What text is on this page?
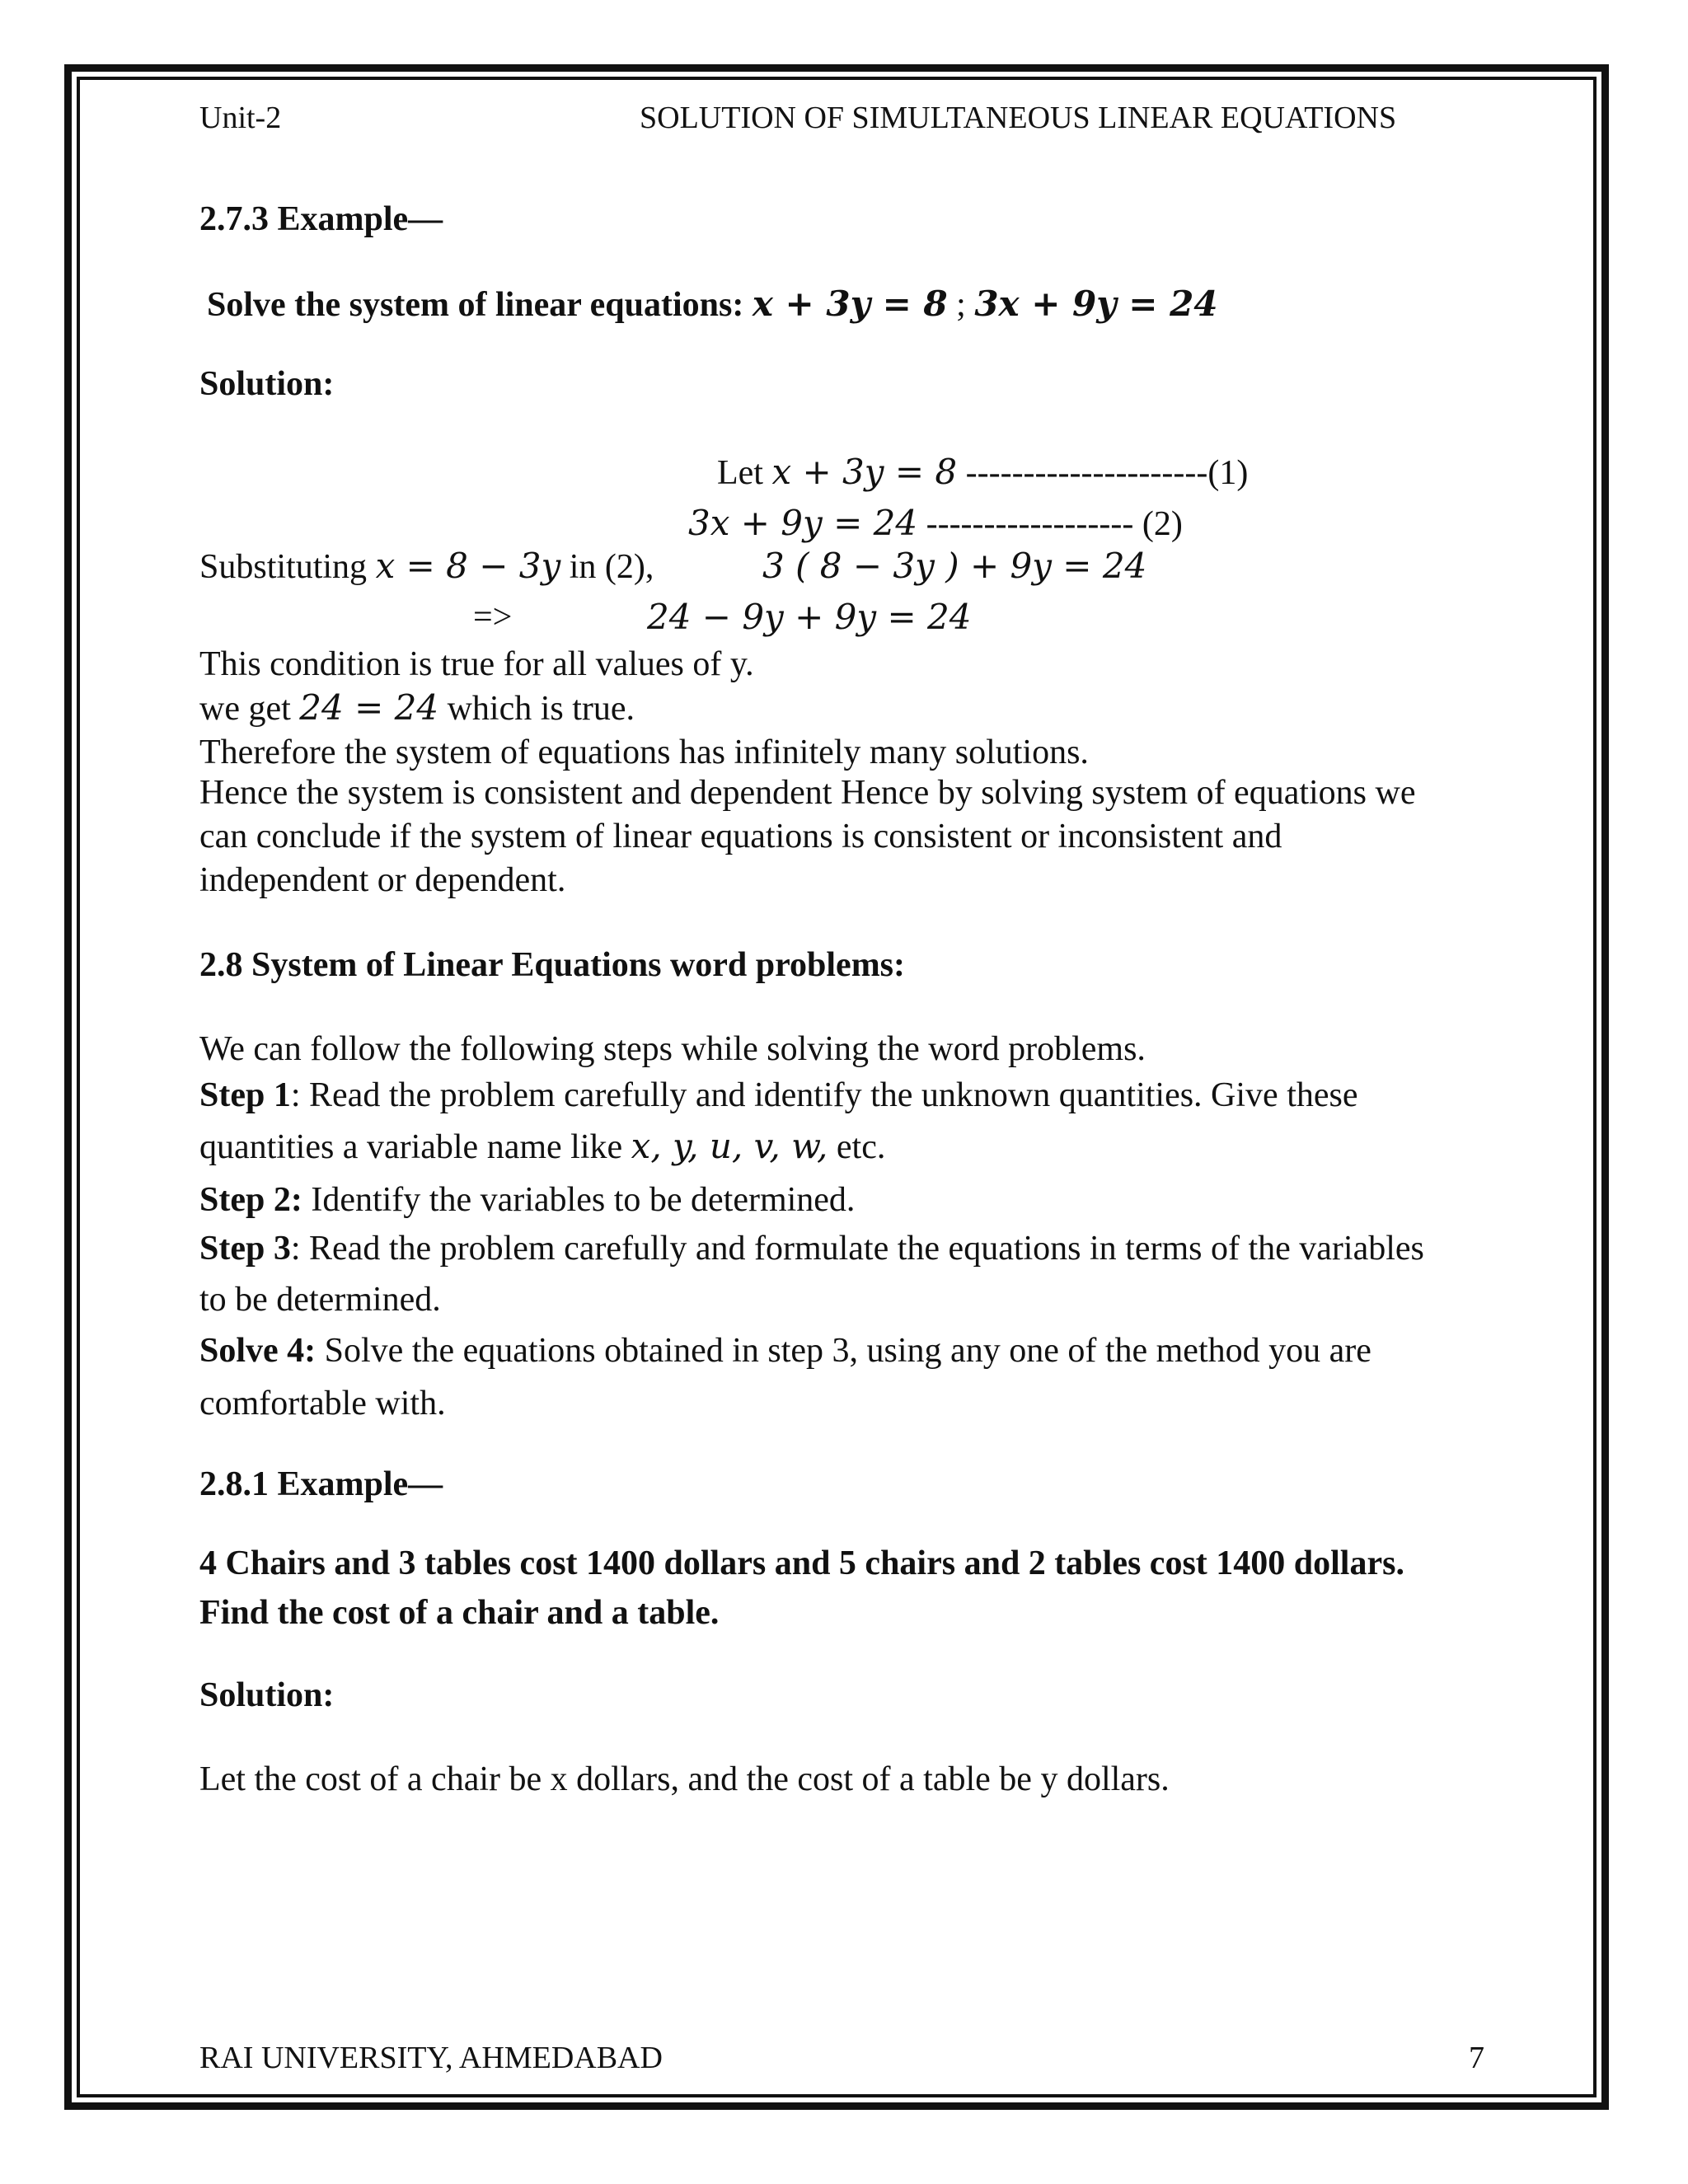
Unit-2	SOLUTION OF SIMULTANEOUS LINEAR EQUATIONS
2.7.3 Example—
Solve the system of linear equations: x + 3y = 8 ; 3x + 9y = 24
Solution:
Let x + 3y = 8 ---------------------(1)
3x + 9y = 24 ------------------ (2)
Substituting x = 8 − 3y in (2),	3 ( 8 − 3y ) + 9y = 24
=>	24 − 9y + 9y = 24
This condition is true for all values of y.
we get 24 = 24 which is true.
Therefore the system of equations has infinitely many solutions.
Hence the system is consistent and dependent Hence by solving system of equations we can conclude if the system of linear equations is consistent or inconsistent and independent or dependent.
2.8 System of Linear Equations word problems:
We can follow the following steps while solving the word problems.
Step 1: Read the problem carefully and identify the unknown quantities. Give these quantities a variable name like x, y, u, v, w, etc.
Step 2: Identify the variables to be determined.
Step 3: Read the problem carefully and formulate the equations in terms of the variables to be determined.
Solve 4: Solve the equations obtained in step 3, using any one of the method you are comfortable with.
2.8.1 Example—
4 Chairs and 3 tables cost 1400 dollars and 5 chairs and 2 tables cost 1400 dollars. Find the cost of a chair and a table.
Solution:
Let the cost of a chair be x dollars, and the cost of a table be y dollars.
RAI UNIVERSITY, AHMEDABAD	7
